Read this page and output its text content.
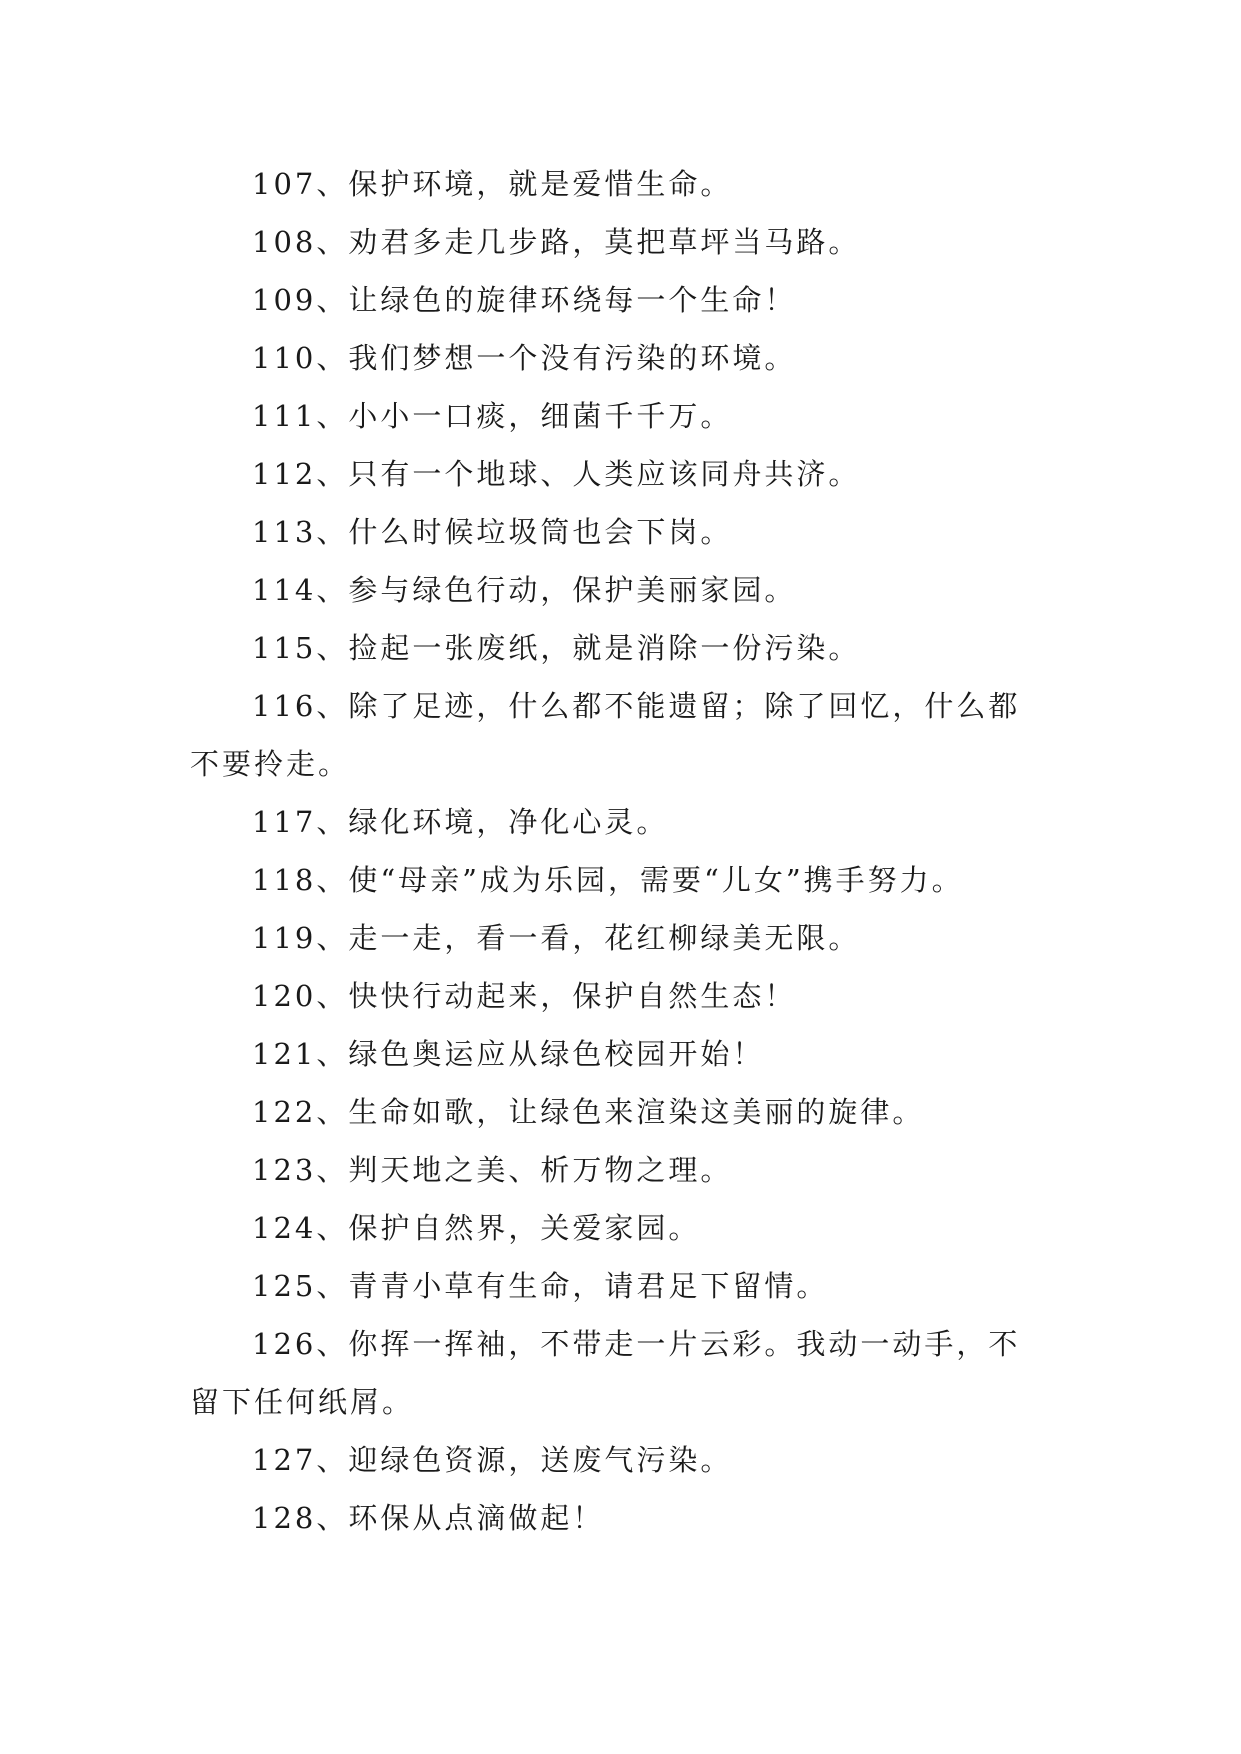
107、保护环境，就是爱惜生命。

108、劝君多走几步路，莫把草坪当马路。

109、让绿色的旋律环绕每一个生命！

110、我们梦想一个没有污染的环境。

111、小小一口痰，细菌千千万。

112、只有一个地球、人类应该同舟共济。

113、什么时候垃圾筒也会下岗。

114、参与绿色行动，保护美丽家园。

115、捡起一张废纸，就是消除一份污染。

116、除了足迹，什么都不能遗留；除了回忆，什么都不要拎走。

117、绿化环境，净化心灵。

118、使“母亲”成为乐园，需要“儿女”携手努力。

119、走一走，看一看，花红柳绿美无限。

120、快快行动起来，保护自然生态！

121、绿色奥运应从绿色校园开始！

122、生命如歌，让绿色来渲染这美丽的旋律。

123、判天地之美、析万物之理。

124、保护自然界，关爱家园。

125、青青小草有生命，请君足下留情。

126、你挥一挥袖，不带走一片云彩。我动一动手，不留下任何纸屑。

127、迎绿色资源，送废气污染。

128、环保从点滴做起！
